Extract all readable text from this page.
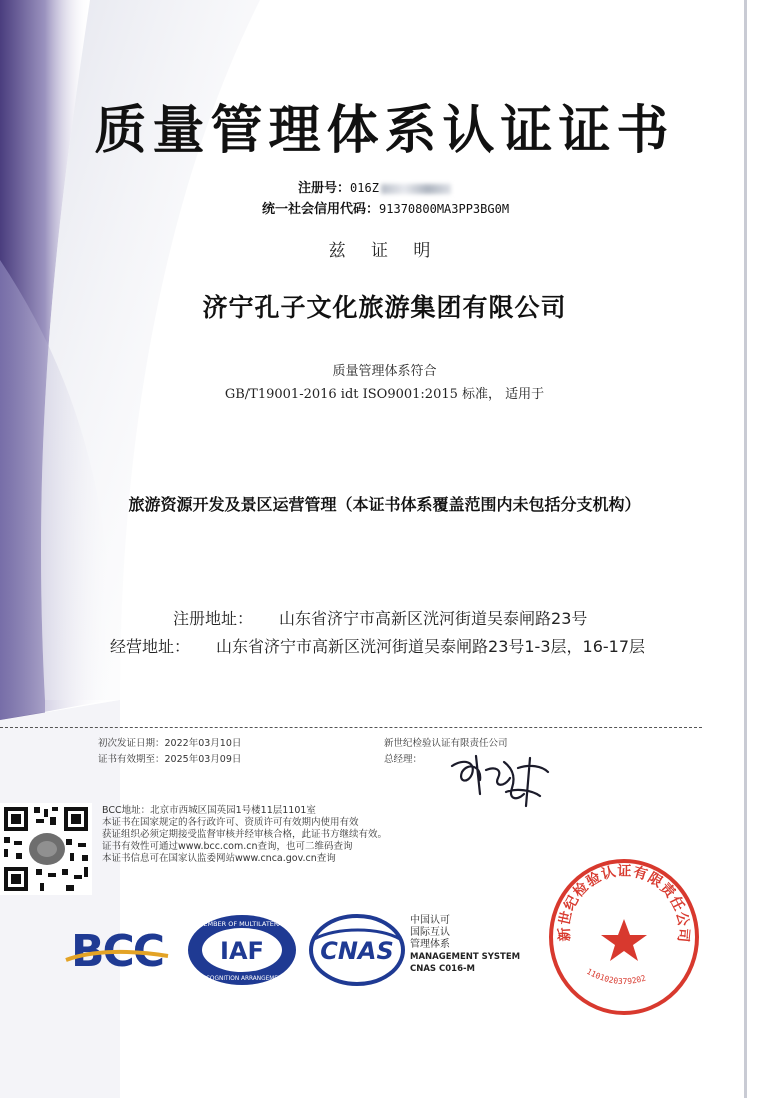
质量管理体系认证证书
注册号：016Z
统一社会信用代码：91370800MA3PP3BG0M
兹 证 明
济宁孔子文化旅游集团有限公司
质量管理体系符合
GB/T19001-2016 idt ISO9001:2015 标准， 适用于
旅游资源开发及景区运营管理（本证书体系覆盖范围内未包括分支机构）
注册地址： 山东省济宁市高新区洸河街道吴泰闸路23号
经营地址： 山东省济宁市高新区洸河街道吴泰闸路23号1-3层，16-17层
初次发证日期：2022年03月10日
证书有效期至：2025年03月09日
新世纪检验认证有限责任公司
总经理：
BCC地址：北京市西城区国英园1号楼11层1101室
本证书在国家规定的各行政许可、资质许可有效期内使用有效
获证组织必须定期接受监督审核并经审核合格，此证书方继续有效。
证书有效性可通过www.bcc.com.cn查询，也可二维码查询
本证书信息可在国家认监委网站www.cnca.gov.cn查询
BCC
MEMBER OF MULTILATERAL
IAF
RECOGNITION ARRANGEMENT
CNAS
中国认可
国际互认
管理体系
MANAGEMENT SYSTEM
CNAS C016-M
新世纪检验认证有限责任公司
1101020379202
